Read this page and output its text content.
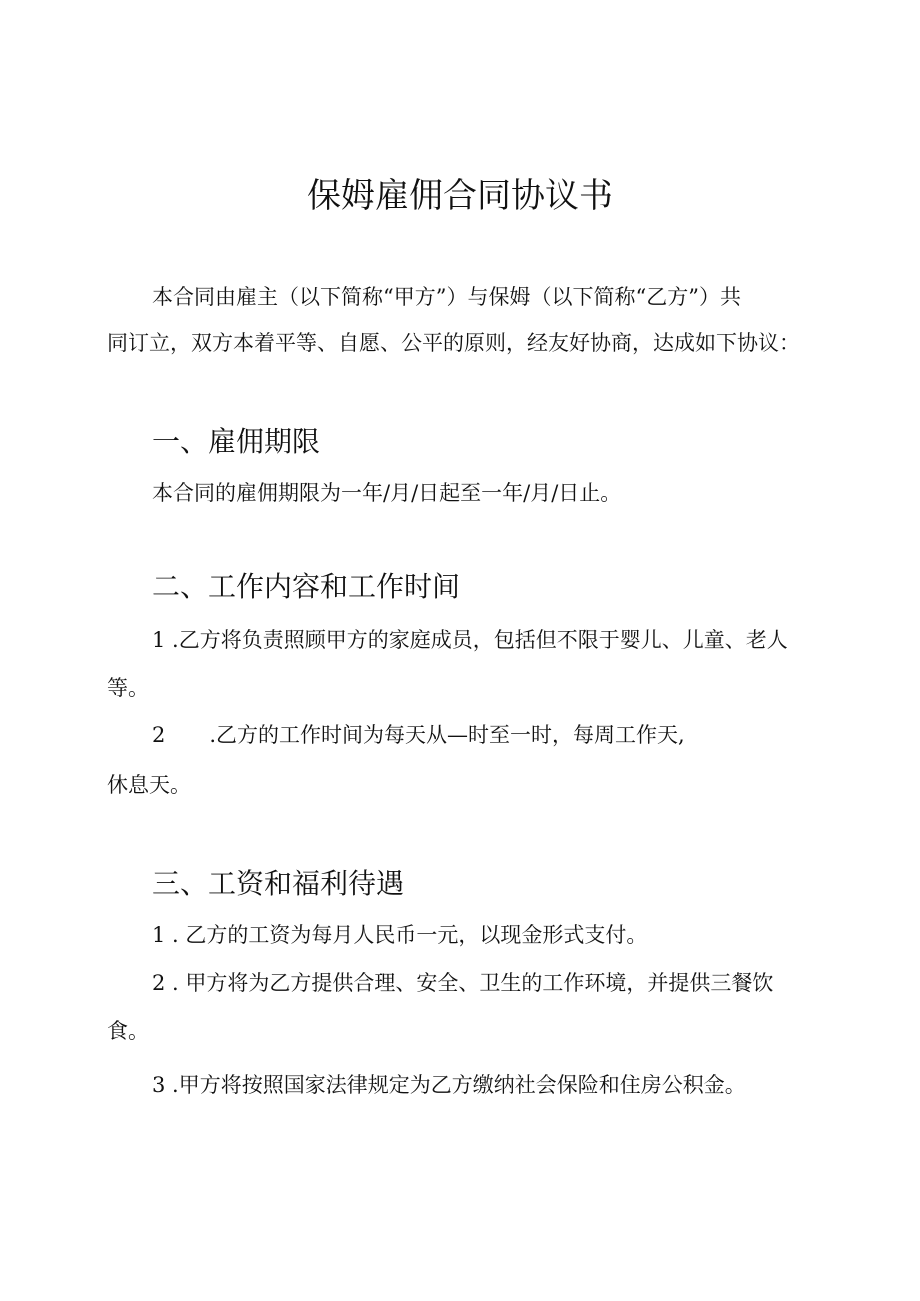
保姆雇佣合同协议书
本合同由雇主（以下简称“甲方”）与保姆（以下简称“乙方”）共
同订立，双方本着平等、自愿、公平的原则，经友好协商，达成如下协议：
一、雇佣期限
本合同的雇佣期限为一年/月/日起至一年/月/日止。
二、工作内容和工作时间
1 .乙方将负责照顾甲方的家庭成员，包括但不限于婴儿、儿童、老人
等。
2 .乙方的工作时间为每天从—时至一时，每周工作天,
休息天。
三、工资和福利待遇
1 . 乙方的工资为每月人民币一元，以现金形式支付。
2 . 甲方将为乙方提供合理、安全、卫生的工作环境，并提供三餐饮
食。
3 .甲方将按照国家法律规定为乙方缴纳社会保险和住房公积金。
